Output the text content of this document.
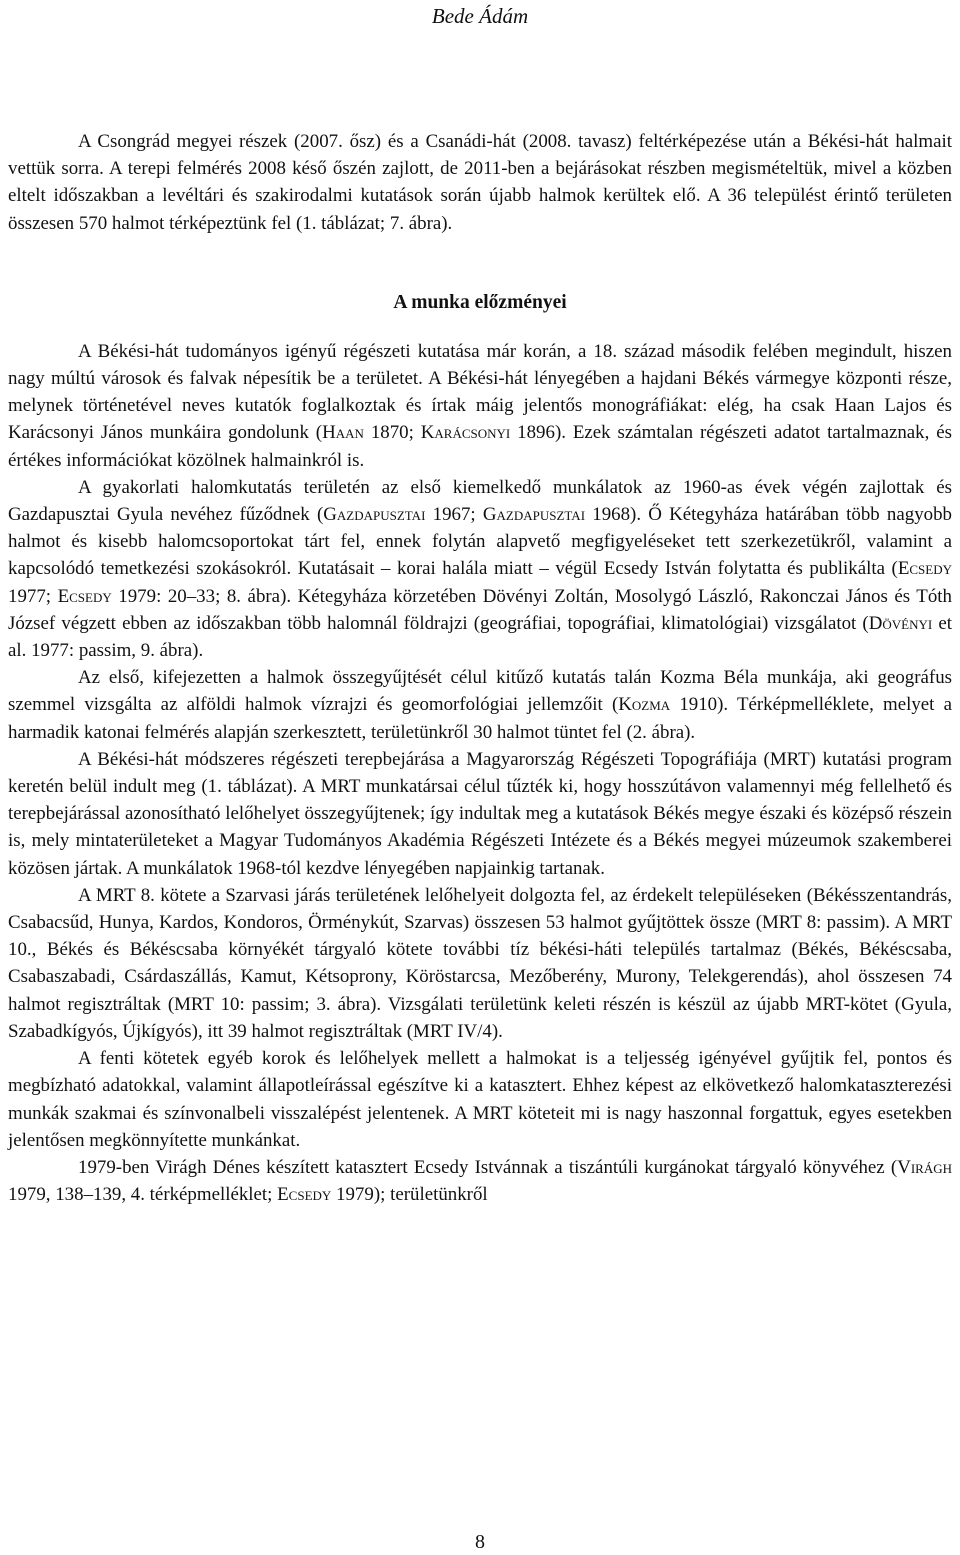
Bede Ádám

A Csongrád megyei részek (2007. ősz) és a Csanádi-hát (2008. tavasz) feltérképezése után a Békési-hát halmait vettük sorra. A terepi felmérés 2008 késő őszén zajlott, de 2011-ben a bejárásokat részben megismételtük, mivel a közben eltelt időszakban a levéltári és szakirodalmi kutatások során újabb halmok kerültek elő. A 36 települést érintő területen összesen 570 halmot térképeztünk fel (1. táblázat; 7. ábra).

A munka előzményei

A Békési-hát tudományos igényű régészeti kutatása már korán, a 18. század második felében megindult, hiszen nagy múltú városok és falvak népesítik be a területet. A Békési-hát lényegében a hajdani Békés vármegye központi része, melynek történetével neves kutatók foglalkoztak és írtak máig jelentős monográfiákat: elég, ha csak Haan Lajos és Karácsonyi János munkáira gondolunk (Haan 1870; Karácsonyi 1896). Ezek számtalan régészeti adatot tartalmaznak, és értékes információkat közölnek halmainkról is.

A gyakorlati halomkutatás területén az első kiemelkedő munkálatok az 1960-as évek végén zajlottak és Gazdapusztai Gyula nevéhez fűződnek (Gazdapusztai 1967; Gazdapusztai 1968). Ő Kétegyháza határában több nagyobb halmot és kisebb halomcsoportokat tárt fel, ennek folytán alapvető megfigyeléseket tett szerkezetükről, valamint a kapcsolódó temetkezési szokásokról. Kutatásait – korai halála miatt – végül Ecsedy István folytatta és publikálta (Ecsedy 1977; Ecsedy 1979: 20–33; 8. ábra). Kétegyháza körzetében Dövényi Zoltán, Mosolygó László, Rakonczai János és Tóth József végzett ebben az időszakban több halomnál földrajzi (geográfiai, topográfiai, klimatológiai) vizsgálatot (Dövényi et al. 1977: passim, 9. ábra).

Az első, kifejezetten a halmok összegyűjtését célul kitűző kutatás talán Kozma Béla munkája, aki geográfus szemmel vizsgálta az alföldi halmok vízrajzi és geomorfológiai jellemzőit (Kozma 1910). Térképmelléklete, melyet a harmadik katonai felmérés alapján szerkesztett, területünkről 30 halmot tüntet fel (2. ábra).

A Békési-hát módszeres régészeti terepbejárása a Magyarország Régészeti Topográfiája (MRT) kutatási program keretén belül indult meg (1. táblázat). A MRT munkatársai célul tűzték ki, hogy hosszútávon valamennyi még fellelhető és terepbejárással azonosítható lelőhelyet összegyűjtenek; így indultak meg a kutatások Békés megye északi és középső részein is, mely mintaterületeket a Magyar Tudományos Akadémia Régészeti Intézete és a Békés megyei múzeumok szakemberei közösen jártak. A munkálatok 1968-tól kezdve lényegében napjainkig tartanak.

A MRT 8. kötete a Szarvasi járás területének lelőhelyeit dolgozta fel, az érdekelt településeken (Békésszentandrás, Csabacsűd, Hunya, Kardos, Kondoros, Örménykút, Szarvas) összesen 53 halmot gyűjtöttek össze (MRT 8: passim). A MRT 10., Békés és Békéscsaba környékét tárgyaló kötete további tíz békési-háti település tartalmaz (Békés, Békéscsaba, Csabaszabadi, Csárdaszállás, Kamut, Kétsoprony, Köröstarcsa, Mezőberény, Murony, Telekgerendás), ahol összesen 74 halmot regisztráltak (MRT 10: passim; 3. ábra). Vizsgálati területünk keleti részén is készül az újabb MRT-kötet (Gyula, Szabadkígyós, Újkígyós), itt 39 halmot regisztráltak (MRT IV/4).

A fenti kötetek egyéb korok és lelőhelyek mellett a halmokat is a teljesség igényével gyűjtik fel, pontos és megbízható adatokkal, valamint állapotleírással egészítve ki a katasztert. Ehhez képest az elkövetkező halomkataszterezési munkák szakmai és színvonalbeli visszalépést jelentenek. A MRT köteteit mi is nagy haszonnal forgattuk, egyes esetekben jelentősen megkönnyítette munkánkat.

1979-ben Virágh Dénes készített katasztert Ecsedy Istvánnak a tiszántúli kurgánokat tárgyaló könyvéhez (Virágh 1979, 138–139, 4. térképmelléklet; Ecsedy 1979); területünkről

8
